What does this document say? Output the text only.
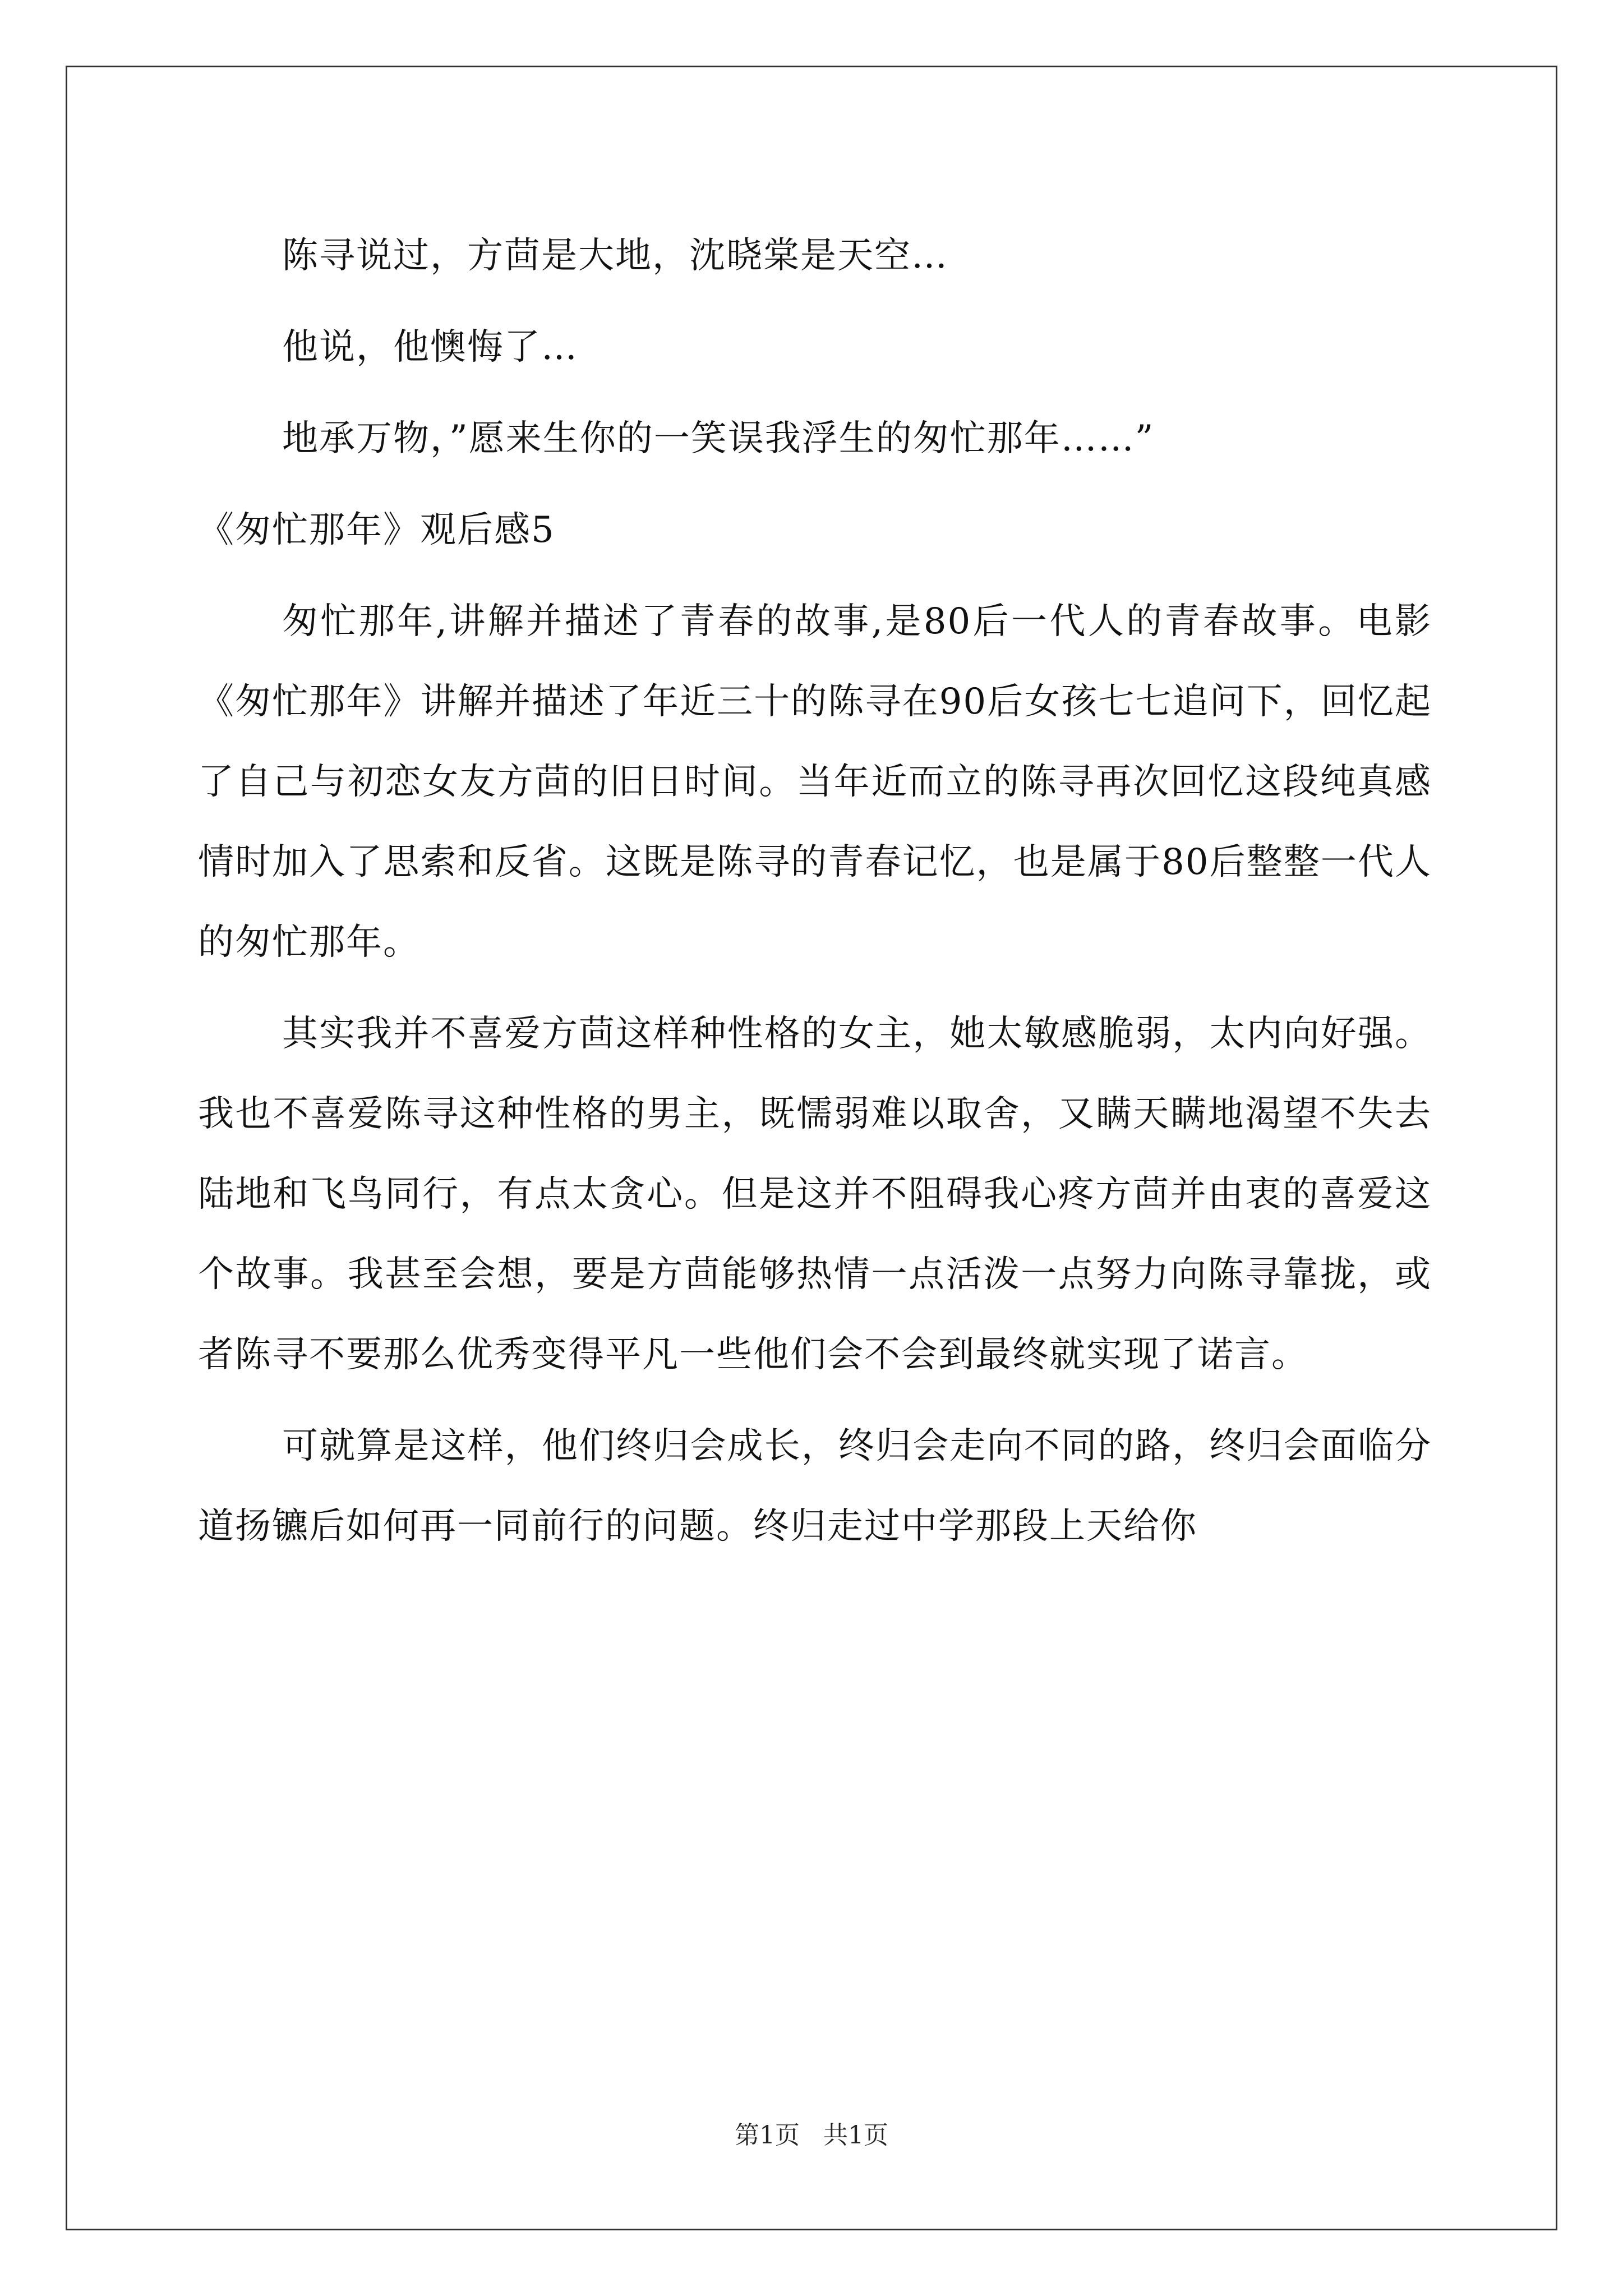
陈寻说过，方茴是大地，沈晓棠是天空…

他说，他懊悔了…

地承万物，”愿来生你的一笑误我浮生的匆忙那年……”

《匆忙那年》观后感5

匆忙那年,讲解并描述了青春的故事,是80后一代人的青春故事。电影《匆忙那年》讲解并描述了年近三十的陈寻在90后女孩七七追问下，回忆起了自己与初恋女友方茴的旧日时间。当年近而立的陈寻再次回忆这段纯真感情时加入了思索和反省。这既是陈寻的青春记忆，也是属于80后整整一代人的匆忙那年。

其实我并不喜爱方茴这样种性格的女主，她太敏感脆弱，太内向好强。我也不喜爱陈寻这种性格的男主，既懦弱难以取舍，又瞒天瞒地渴望不失去陆地和飞鸟同行，有点太贪心。但是这并不阻碍我心疼方茴并由衷的喜爱这个故事。我甚至会想，要是方茴能够热情一点活泼一点努力向陈寻靠拢，或者陈寻不要那么优秀变得平凡一些他们会不会到最终就实现了诺言。

可就算是这样，他们终归会成长，终归会走向不同的路，终归会面临分道扬镳后如何再一同前行的问题。终归走过中学那段上天给你

第1页 共1页
